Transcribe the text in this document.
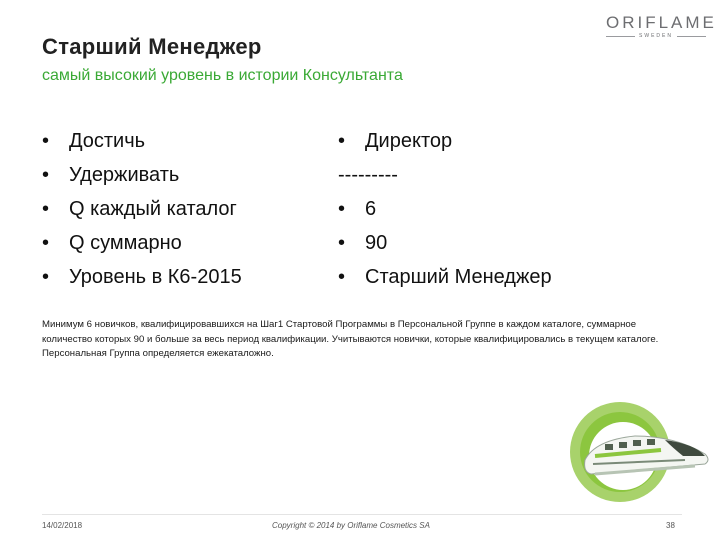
ORIFLAME
SWEDEN
Старший Менеджер
самый высокий уровень в истории Консультанта
• Достичь
• Удерживать
• Q каждый каталог
• Q суммарно
• Уровень в К6-2015
• Директор
---------
• 6
• 90
• Старший Менеджер
Минимум 6 новичков, квалифицировавшихся на Шаг1 Стартовой Программы в Персональной Группе в каждом каталоге, суммарное количество которых 90 и больше за весь период квалификации. Учитываются новички, которые квалифицировались в текущем каталоге. Персональная Группа определяется ежекаталожно.
14/02/2018	Copyright © 2014 by Oriflame Cosmetics SA	38
